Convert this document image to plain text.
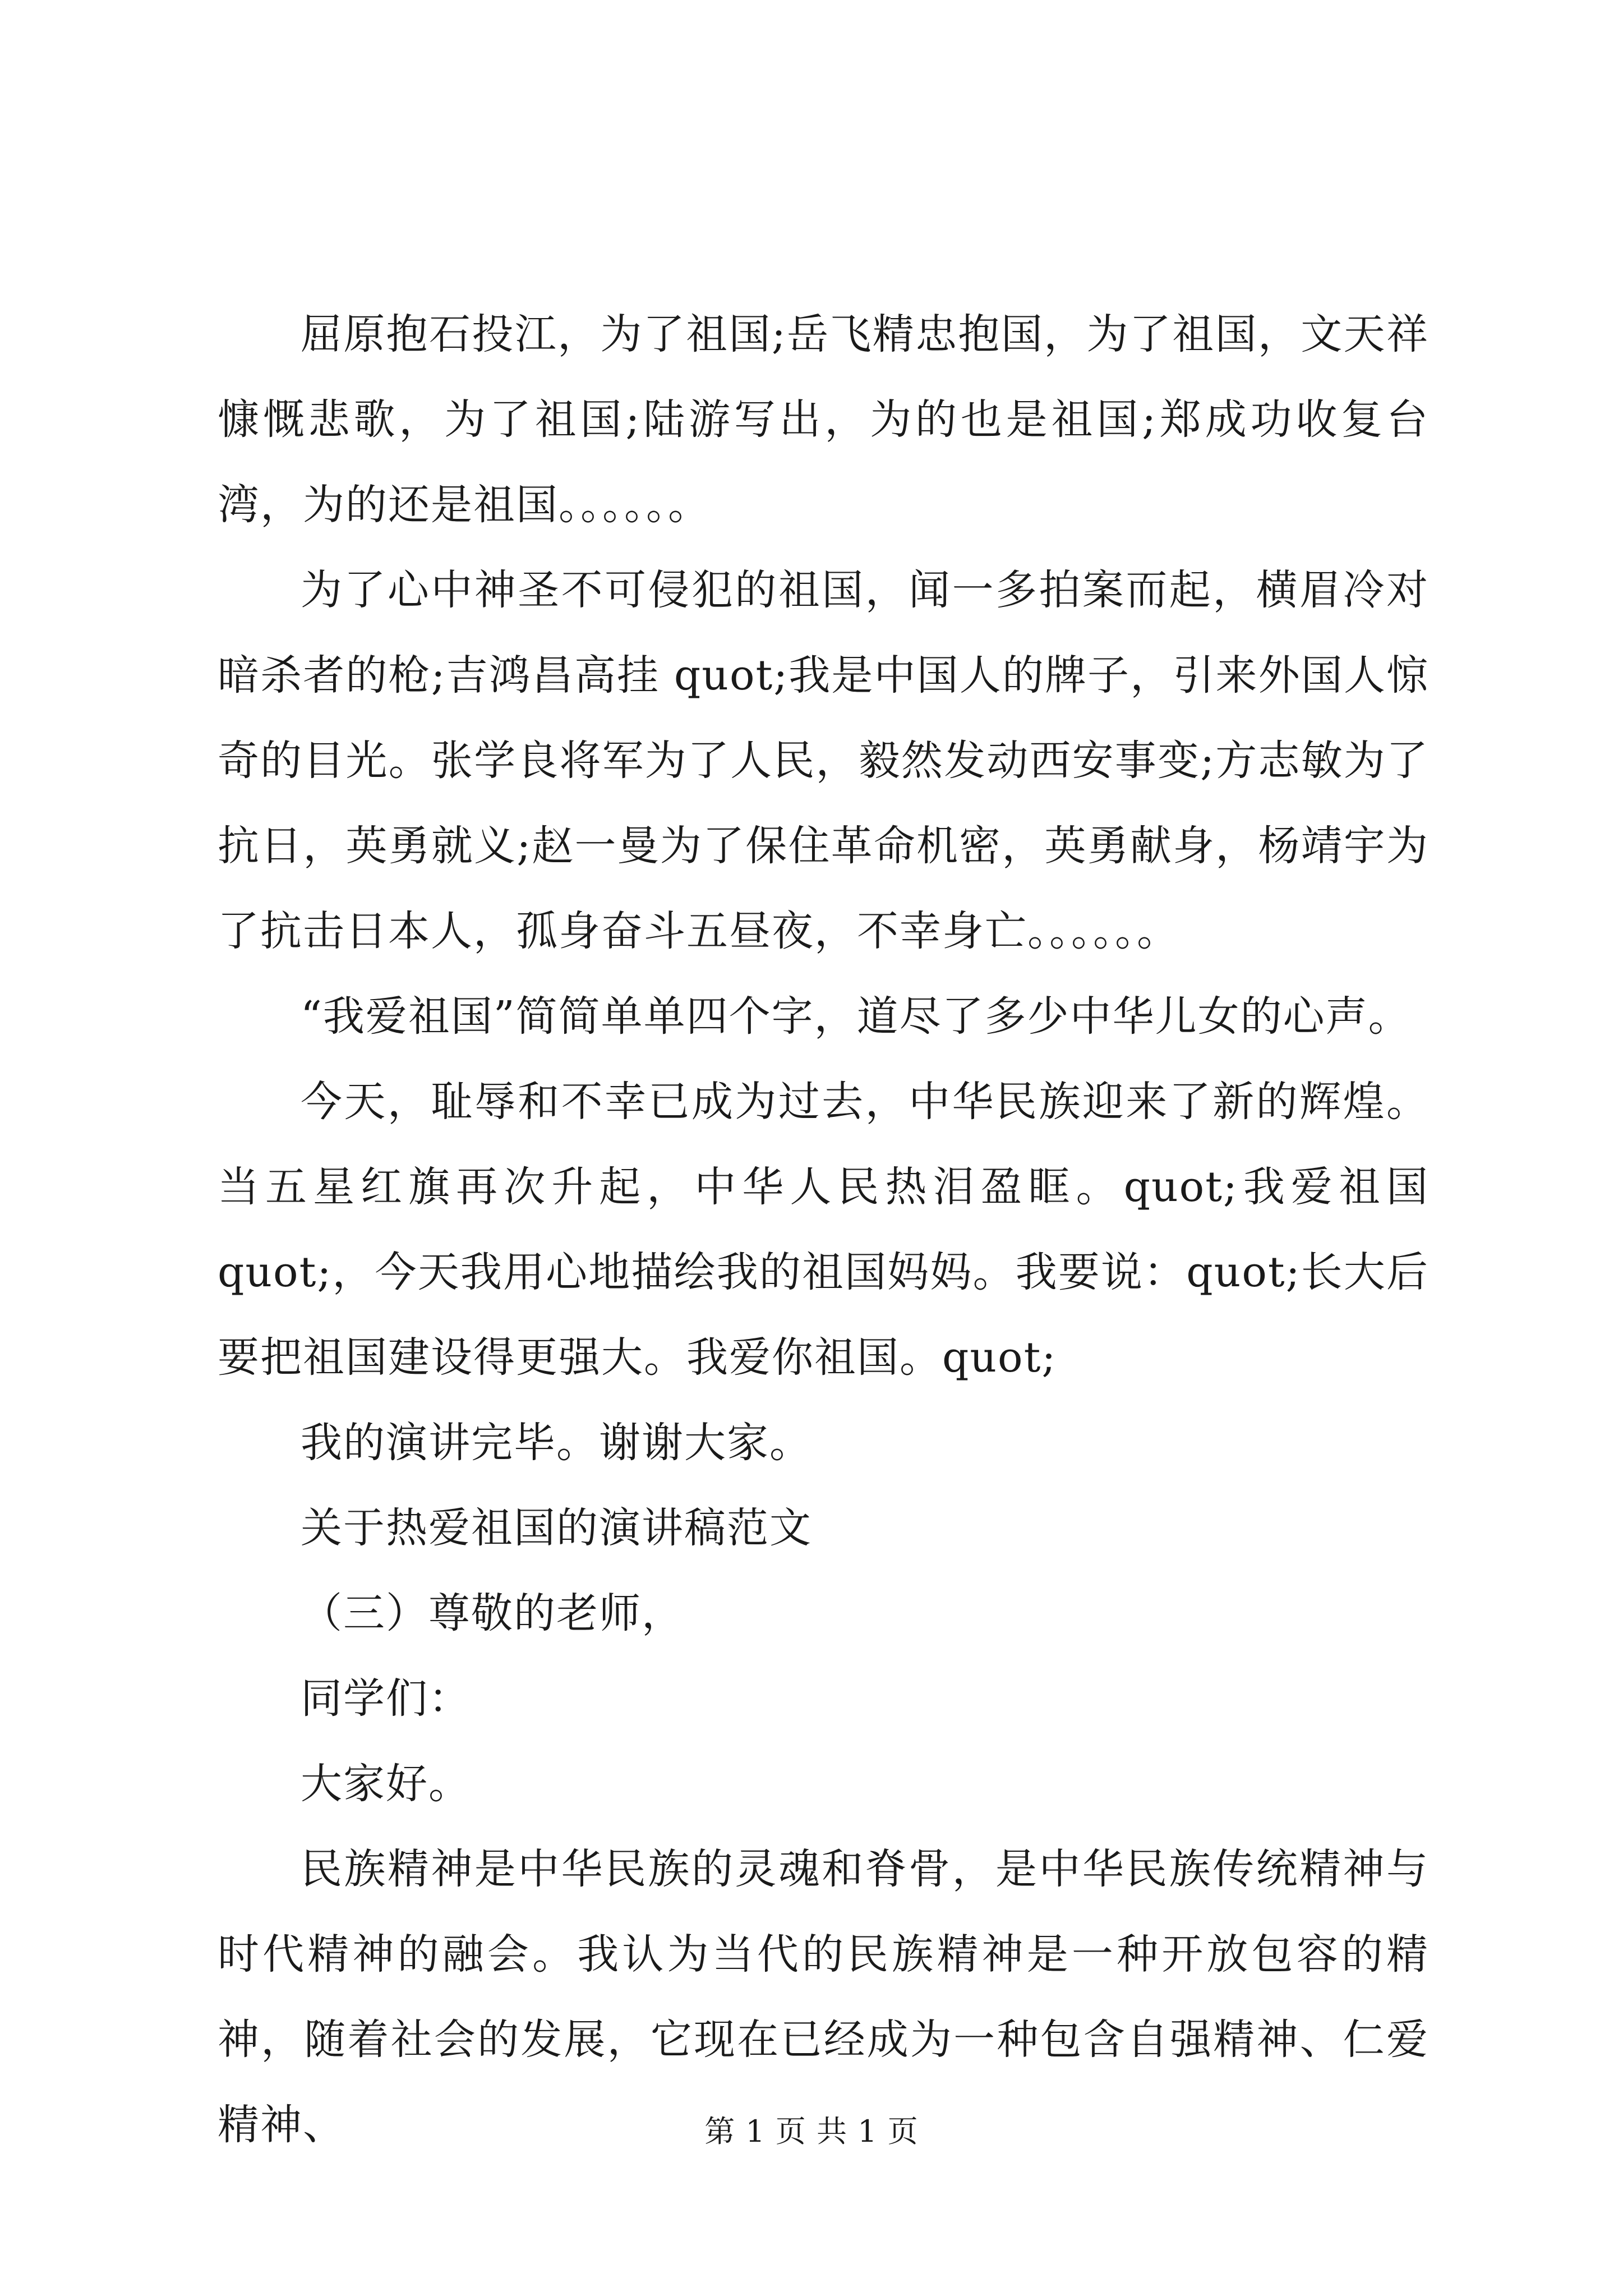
屈原抱石投江，为了祖国;岳飞精忠抱国，为了祖国，文天祥慷慨悲歌，为了祖国;陆游写出，为的也是祖国;郑成功收复台湾，为的还是祖国。。。。。。

为了心中神圣不可侵犯的祖国，闻一多拍案而起，横眉冷对暗杀者的枪;吉鸿昌高挂 quot;我是中国人的牌子，引来外国人惊奇的目光。张学良将军为了人民，毅然发动西安事变;方志敏为了抗日，英勇就义;赵一曼为了保住革命机密，英勇献身，杨靖宇为了抗击日本人，孤身奋斗五昼夜，不幸身亡。。。。。。

“我爱祖国”简简单单四个字，道尽了多少中华儿女的心声。

今天，耻辱和不幸已成为过去，中华民族迎来了新的辉煌。当五星红旗再次升起，中华人民热泪盈眶。quot;我爱祖国quot;，今天我用心地描绘我的祖国妈妈。我要说：quot;长大后要把祖国建设得更强大。我爱你祖国。quot;

我的演讲完毕。谢谢大家。

关于热爱祖国的演讲稿范文

（三）尊敬的老师，

同学们：

大家好。

民族精神是中华民族的灵魂和脊骨，是中华民族传统精神与时代精神的融会。我认为当代的民族精神是一种开放包容的精神，随着社会的发展，它现在已经成为一种包含自强精神、仁爱精神、	第 1 页 共 1 页
